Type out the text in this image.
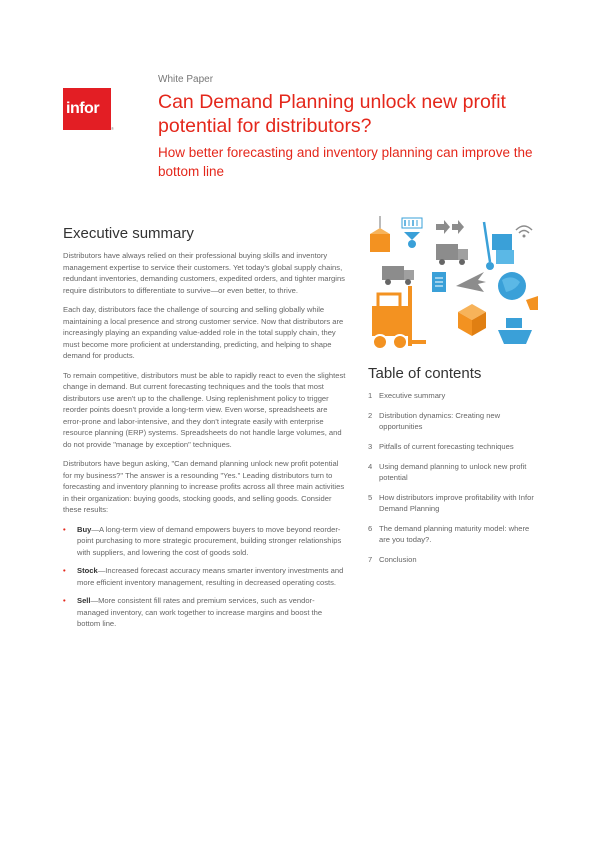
infor
®
White Paper
Can Demand Planning unlock new profit potential for distributors?
How better forecasting and inventory planning can improve the bottom line
Executive summary

Distributors have always relied on their professional buying skills and inventory management expertise to service their customers. Yet today's global supply chains, redundant inventories, demanding customers, expedited orders, and tighter margins require distributors to differentiate to survive—or even better, to thrive.

Each day, distributors face the challenge of sourcing and selling globally while maintaining a local presence and strong customer service. Now that distributors are increasingly playing an expanding value-added role in the total supply chain, they must become more proficient at understanding, predicting, and helping to shape demand for products.

To remain competitive, distributors must be able to rapidly react to even the slightest change in demand. But current forecasting techniques and the tools that most distributors use aren't up to the challenge. Using replenishment policy to trigger reorder points doesn't provide a long-term view. Even worse, spreadsheets are error-prone and labor-intensive, and they don't integrate easily with enterprise resource planning (ERP) systems. Spreadsheets do not handle large volumes, and do not provide "manage by exception" techniques.

Distributors have begun asking, "Can demand planning unlock new profit potential for my business?" The answer is a resounding "Yes." Leading distributors turn to forecasting and inventory planning to increase profits across all three main activities in their organization: buying goods, stocking goods, and selling goods. Consider these results:

• Buy—A long-term view of demand empowers buyers to move beyond reorder-point purchasing to more strategic procurement, building stronger relationships with suppliers, and lowering the cost of goods sold.
• Stock—Increased forecast accuracy means smarter inventory investments and more efficient inventory management, resulting in decreased operating costs.
• Sell—More consistent fill rates and premium services, such as vendor-managed inventory, can work together to increase margins and boost the bottom line.
Table of contents
1 Executive summary
2 Distribution dynamics: Creating new opportunities
3 Pitfalls of current forecasting techniques
4 Using demand planning to unlock new profit potential
5 How distributors improve profitability with Infor Demand Planning
6 The demand planning maturity model: where are you today?.
7 Conclusion
